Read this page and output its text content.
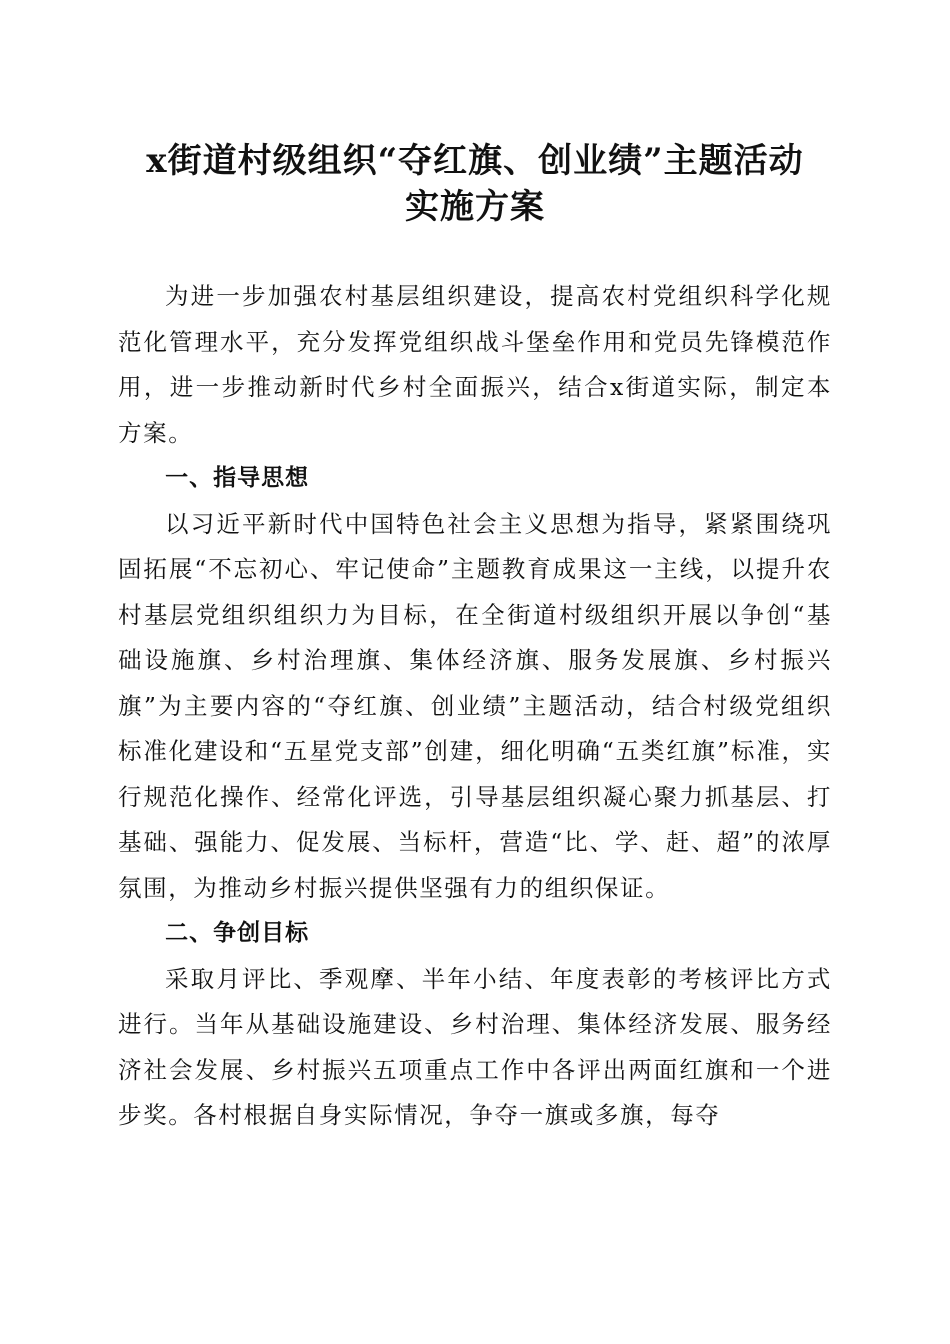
x街道村级组织“夺红旗、创业绩”主题活动
实施方案

为进一步加强农村基层组织建设，提高农村党组织科学化规范化管理水平，充分发挥党组织战斗堡垒作用和党员先锋模范作用，进一步推动新时代乡村全面振兴，结合x街道实际，制定本方案。

一、指导思想

以习近平新时代中国特色社会主义思想为指导，紧紧围绕巩固拓展“不忘初心、牢记使命”主题教育成果这一主线，以提升农村基层党组织组织力为目标，在全街道村级组织开展以争创“基础设施旗、乡村治理旗、集体经济旗、服务发展旗、乡村振兴旗”为主要内容的“夺红旗、创业绩”主题活动，结合村级党组织标准化建设和“五星党支部”创建，细化明确“五类红旗”标准，实行规范化操作、经常化评选，引导基层组织凝心聚力抓基层、打基础、强能力、促发展、当标杆，营造“比、学、赶、超”的浓厚氛围，为推动乡村振兴提供坚强有力的组织保证。

二、争创目标

采取月评比、季观摩、半年小结、年度表彰的考核评比方式进行。当年从基础设施建设、乡村治理、集体经济发展、服务经济社会发展、乡村振兴五项重点工作中各评出两面红旗和一个进步奖。各村根据自身实际情况，争夺一旗或多旗，每夺
